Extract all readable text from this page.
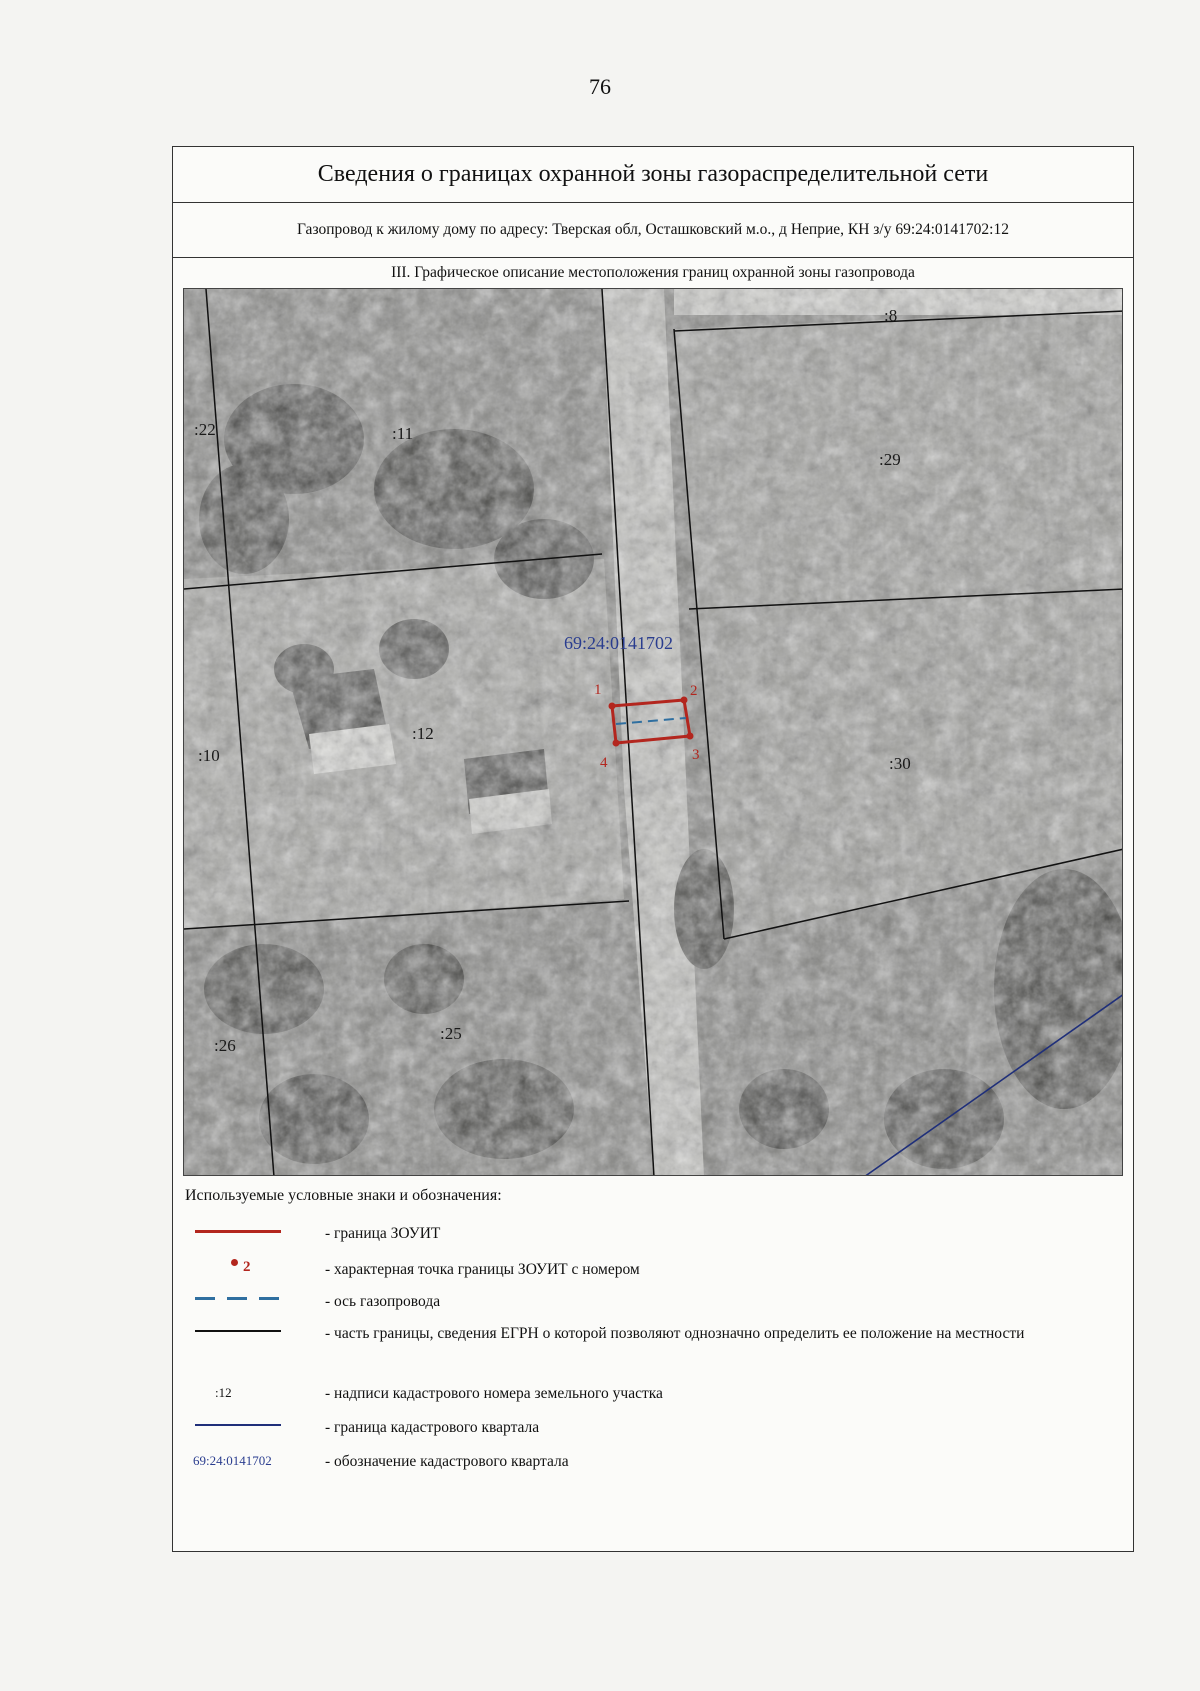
76
Сведения о границах охранной зоны газораспределительной сети
Газопровод к жилому дому по адресу: Тверская обл, Осташковский м.о., д Неприе, КН з/у 69:24:0141702:12
III. Графическое описание местоположения границ охранной зоны газопровода
:8
:22	:11
:29
:10
:12
:30
:26
:25
69:24:0141702
1	2
3
4
Используемые условные знаки и обозначения:
- граница ЗОУИТ
2	- характерная точка границы ЗОУИТ с номером
- ось газопровода
- часть границы, сведения ЕГРН о которой позволяют однозначно определить ее положение на местности
:12	- надписи кадастрового номера земельного участка
- граница кадастрового квартала
69:24:0141702	- обозначение кадастрового квартала
